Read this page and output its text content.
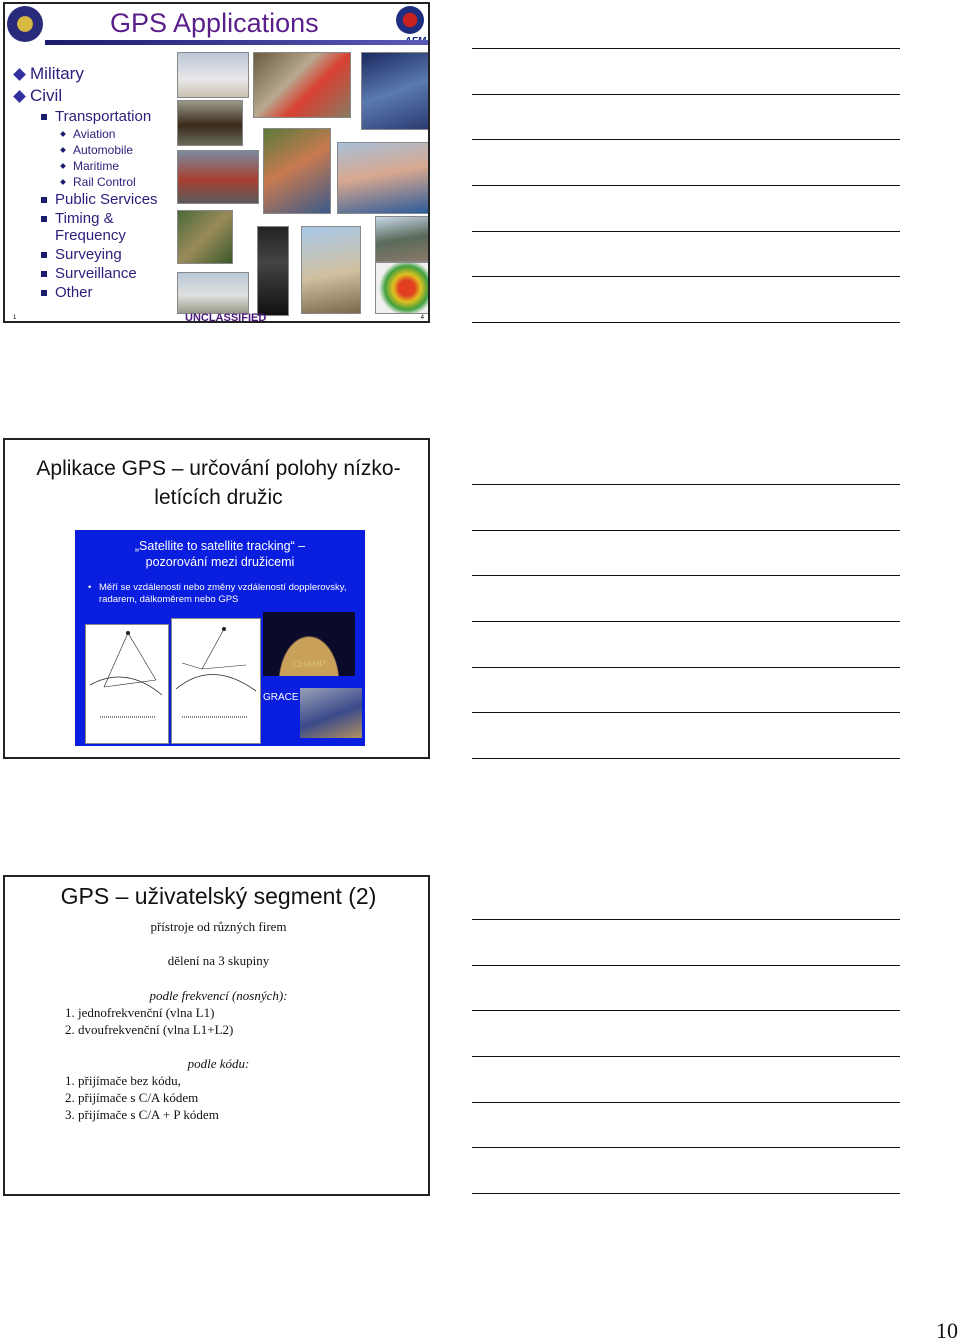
GPS Applications
Military
Civil
Transportation
Aviation
Automobile
Maritime
Rail Control
Public Services
Timing &
Frequency
Surveying
Surveillance
Other
UNCLASSIFIED
1	4
Aplikace GPS – určování polohy nízko-
letících družic
„Satellite to satellite tracking“ –
pozorování mezi družicemi
• Měří se vzdálenosti nebo změny vzdáleností dopplerovsky, radarem, dálkoměrem nebo GPS
CHAMP
GRACE
GPS – uživatelský segment (2)
přístroje od různých firem
dělení na 3 skupiny
podle frekvencí (nosných):
1. jednofrekvenční (vlna L1)
2. dvoufrekvenční (vlna L1+L2)
podle kódu:
1. přijímače bez kódu,
2. přijímače s C/A kódem
3. přijímače s C/A + P kódem
10
